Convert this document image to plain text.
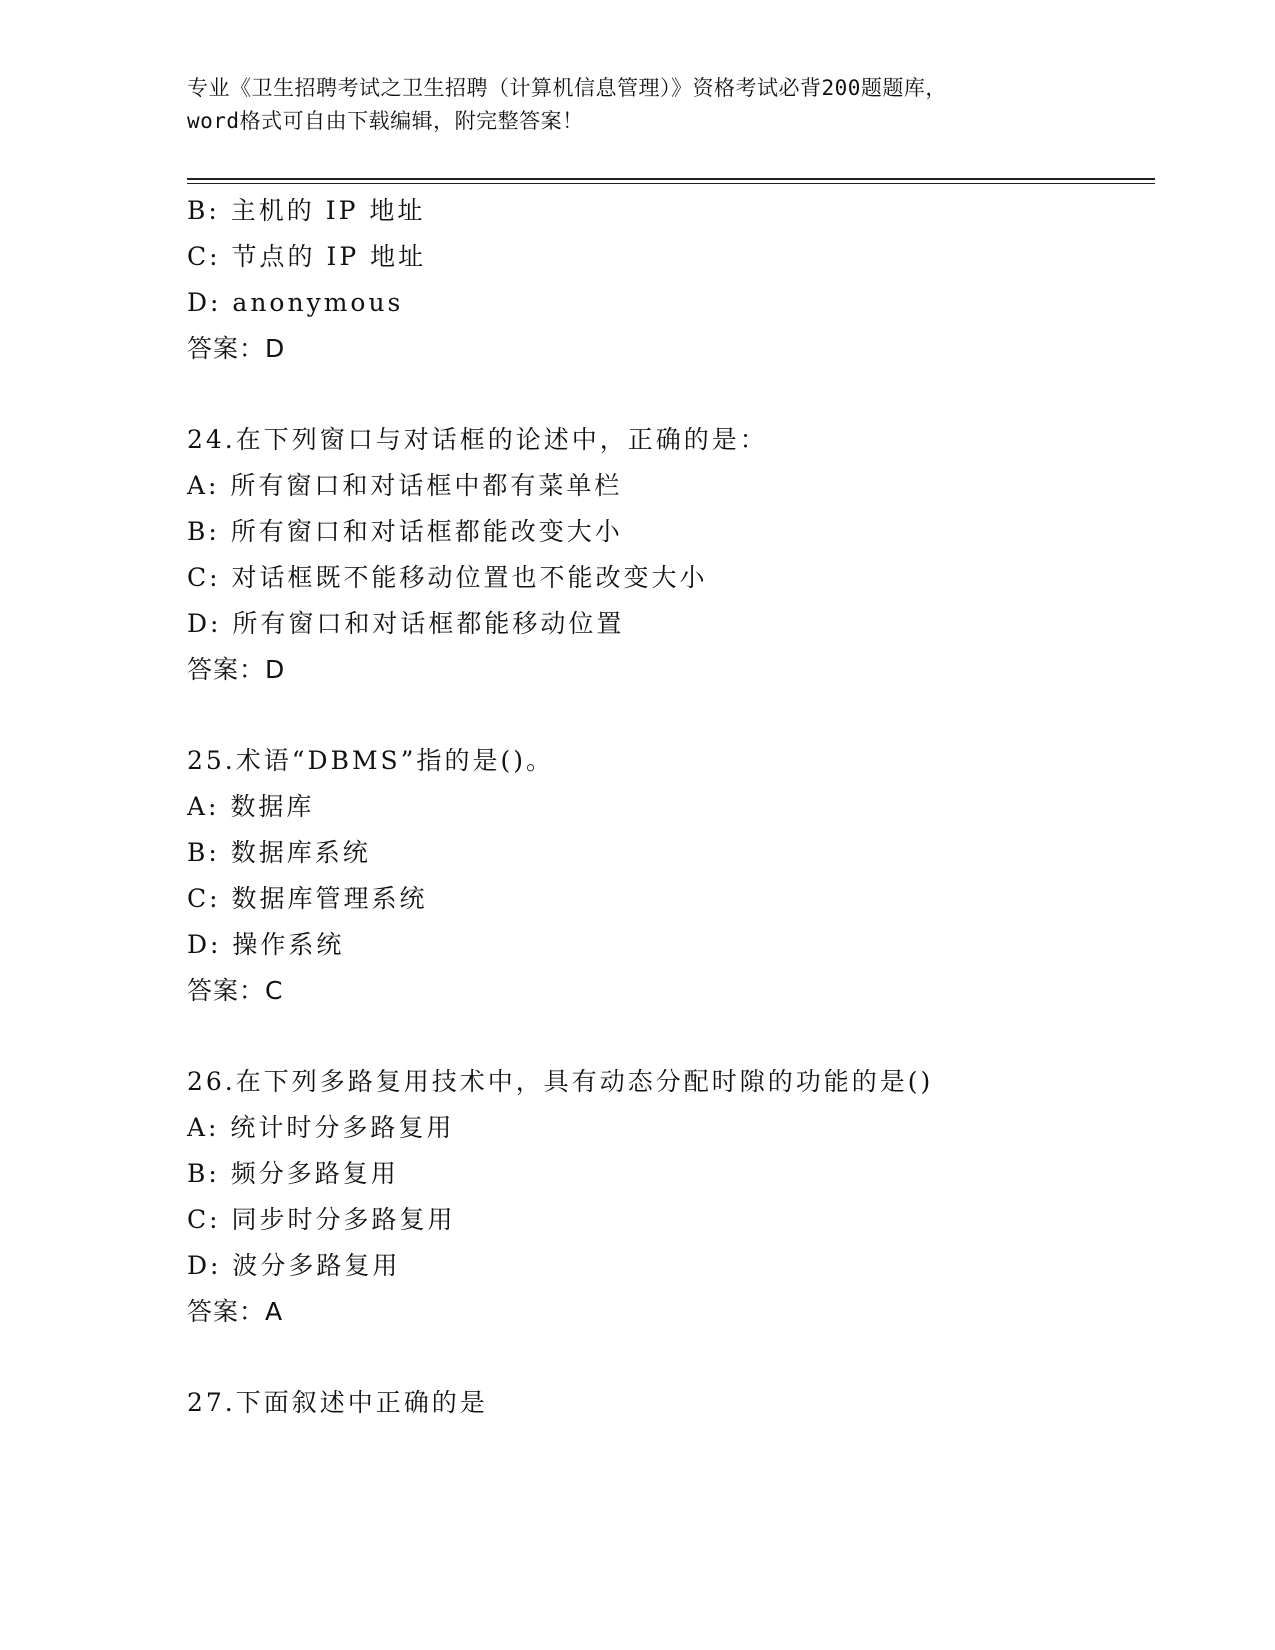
专业《卫生招聘考试之卫生招聘（计算机信息管理）》资格考试必背200题题库，
word格式可自由下载编辑，附完整答案！
B: 主机的 IP 地址
C: 节点的 IP 地址
D: anonymous
答案：D
24.在下列窗口与对话框的论述中，正确的是：
A: 所有窗口和对话框中都有菜单栏
B: 所有窗口和对话框都能改变大小
C: 对话框既不能移动位置也不能改变大小
D: 所有窗口和对话框都能移动位置
答案：D
25.术语“DBMS”指的是()。
A: 数据库
B: 数据库系统
C: 数据库管理系统
D: 操作系统
答案：C
26.在下列多路复用技术中，具有动态分配时隙的功能的是()
A: 统计时分多路复用
B: 频分多路复用
C: 同步时分多路复用
D: 波分多路复用
答案：A
27.下面叙述中正确的是
